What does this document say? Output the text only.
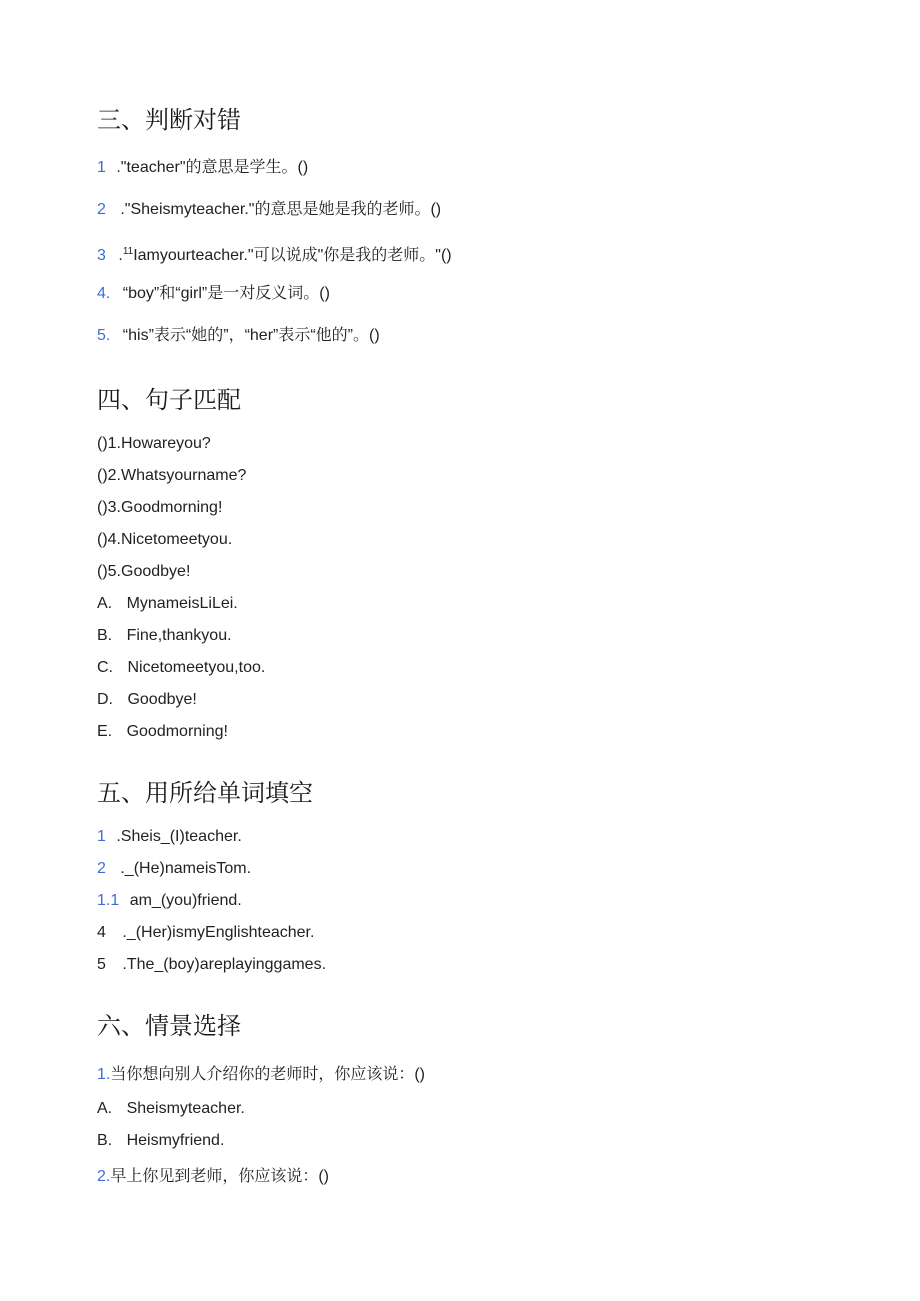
三、判断对错
1 ."teacher"的意思是学生。()
2 ."Sheismyteacher."的意思是她是我的老师。()
3 .$^{11}$Iamyourteacher."可以说成"你是我的老师。"()
4. “boy”和“girl”是一对反义词。()
5. “his”表示“她的”，“her”表示“他的”。()
四、句子匹配
()1.Howareyou?
()2.Whatsyourname?
()3.Goodmorning!
()4.Nicetomeetyou.
()5.Goodbye!
A. MynameisLiLei.
B. Fine,thankyou.
C. Nicetomeetyou,too.
D. Goodbye!
E. Goodmorning!
五、用所给单词填空
1 .Sheis_(I)teacher.
2 ._(He)nameisTom.
1.1 am_(you)friend.
4 ._(Her)ismyEnglishteacher.
5 .The_(boy)areplayinggames.
六、情景选择
1.当你想向别人介绍你的老师时，你应该说：()
A. Sheismyteacher.
B. Heismyfriend.
2.早上你见到老师，你应该说：()
